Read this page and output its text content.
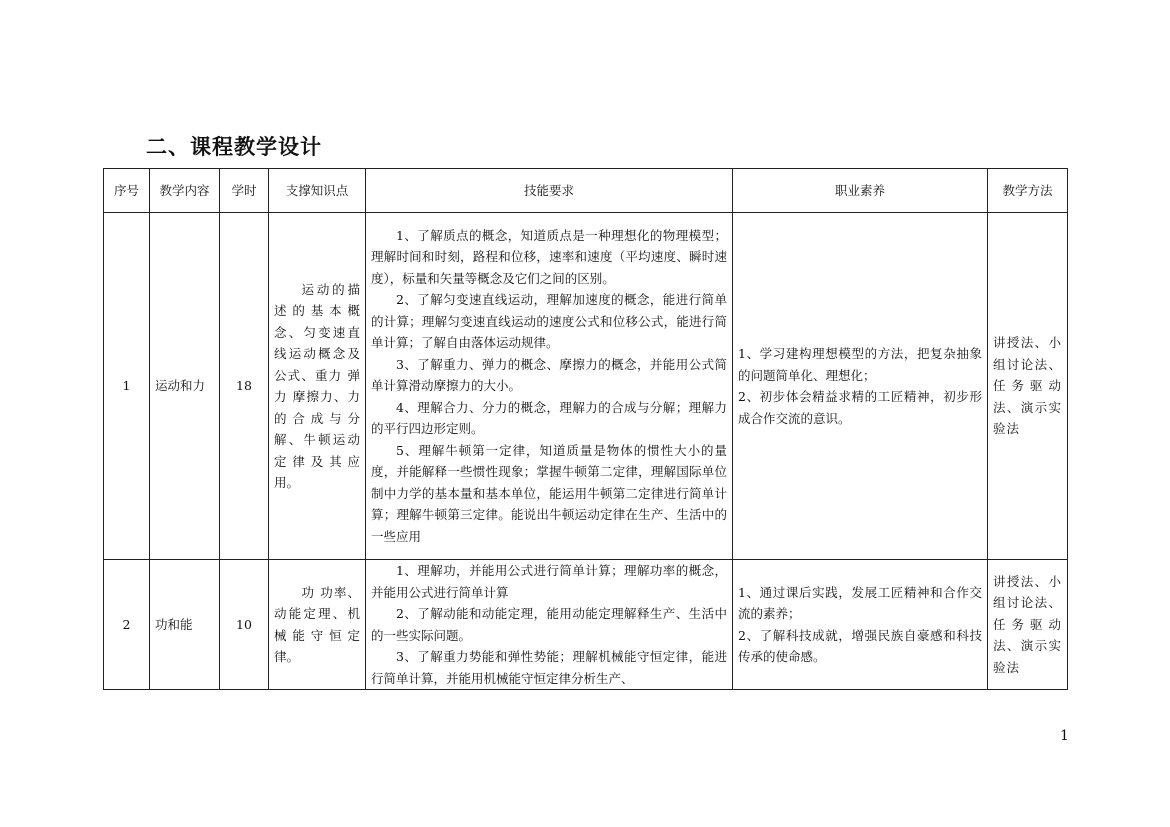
二、课程教学设计
序号	教学内容	学时	支撑知识点	技能要求	职业素养	教学方法
1	运动和力	18	运动的描述的基本概念、匀变速直线运动概念及公式、重力 弹力 摩擦力、力的合成与分解、牛顿运动定律及其应用。	1、了解质点的概念，知道质点是一种理想化的物理模型；理解时间和时刻，路程和位移，速率和速度（平均速度、瞬时速度），标量和矢量等概念及它们之间的区别。
2、了解匀变速直线运动，理解加速度的概念，能进行简单的计算；理解匀变速直线运动的速度公式和位移公式，能进行简单计算；了解自由落体运动规律。
3、了解重力、弹力的概念、摩擦力的概念，并能用公式简单计算滑动摩擦力的大小。
4、理解合力、分力的概念，理解力的合成与分解；理解力的平行四边形定则。
5、理解牛顿第一定律，知道质量是物体的惯性大小的量度，并能解释一些惯性现象；掌握牛顿第二定律，理解国际单位制中力学的基本量和基本单位，能运用牛顿第二定律进行简单计算；理解牛顿第三定律。能说出牛顿运动定律在生产、生活中的一些应用	1、学习建构理想模型的方法，把复杂抽象的问题简单化、理想化；
2、初步体会精益求精的工匠精神，初步形成合作交流的意识。	讲授法、小组讨论法、任务驱动法、演示实验法
2	功和能	10	功 功率、动能定理、机械能守恒定律。	1、理解功，并能用公式进行简单计算；理解功率的概念，并能用公式进行简单计算
2、了解动能和动能定理，能用动能定理解释生产、生活中的一些实际问题。
3、了解重力势能和弹性势能；理解机械能守恒定律，能进行简单计算，并能用机械能守恒定律分析生产、	1、通过课后实践，发展工匠精神和合作交流的素养；
2、了解科技成就，增强民族自豪感和科技传承的使命感。	讲授法、小组讨论法、任务驱动法、演示实验法
1
